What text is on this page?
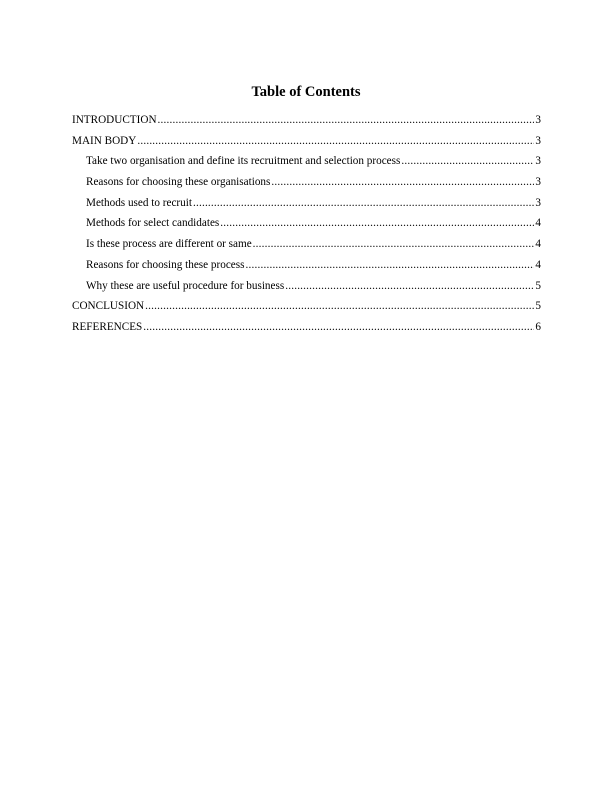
Table of Contents
INTRODUCTION .....	3
MAIN BODY .....	3
Take two organisation and define its recruitment and selection process .....	3
Reasons for choosing these organisations .....	3
Methods used to recruit .....	3
Methods for select candidates .....	4
Is these process are different or same .....	4
Reasons for choosing these process .....	4
Why these are useful procedure for business .....	5
CONCLUSION .....	5
REFERENCES .....	6
